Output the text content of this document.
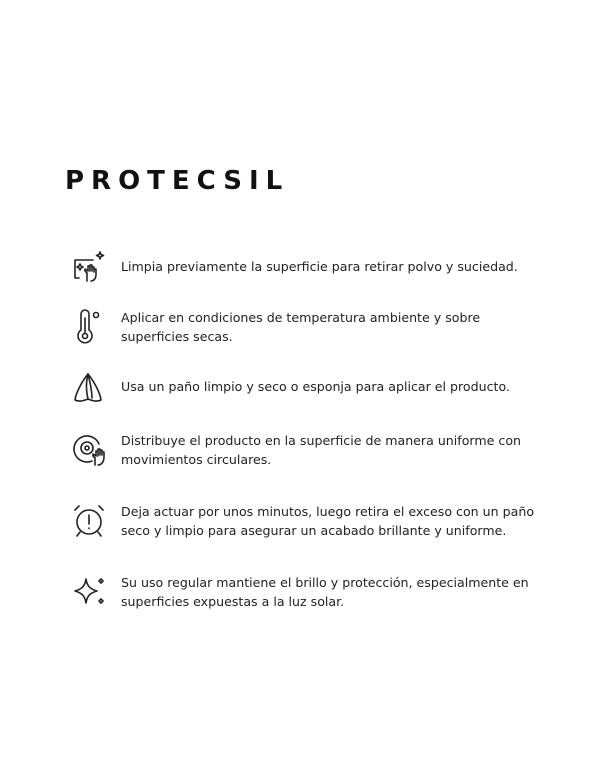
PROTECSIL
Limpia previamente la superficie para retirar polvo y suciedad.
Aplicar en condiciones de temperatura ambiente y sobre superficies secas.
Usa un paño limpio y seco o esponja para aplicar el producto.
Distribuye el producto en la superficie de manera uniforme con movimientos circulares.
Deja actuar por unos minutos, luego retira el exceso con un paño seco y limpio para asegurar un acabado brillante y uniforme.
Su uso regular mantiene el brillo y protección, especialmente en superficies expuestas a la luz solar.
